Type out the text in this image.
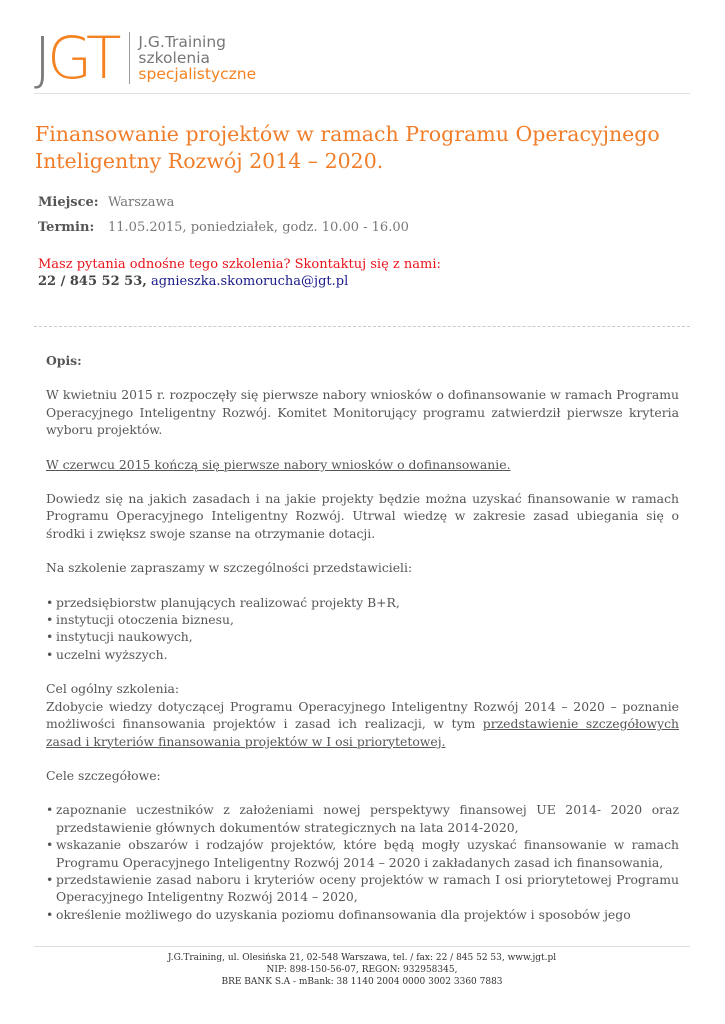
JGT J.G.Training
szkolenia
specjalistyczne
Finansowanie projektów w ramach Programu Operacyjnego Inteligentny Rozwój 2014 – 2020.
Miejsce: Warszawa
Termin: 11.05.2015, poniedziałek, godz. 10.00 - 16.00
Masz pytania odnośne tego szkolenia? Skontaktuj się z nami:
22 / 845 52 53, agnieszka.skomorucha@jgt.pl

Opis:

W kwietniu 2015 r. rozpoczęły się pierwsze nabory wniosków o dofinansowanie w ramach Programu Operacyjnego Inteligentny Rozwój. Komitet Monitorujący programu zatwierdził pierwsze kryteria wyboru projektów.

W czerwcu 2015 kończą się pierwsze nabory wniosków o dofinansowanie.

Dowiedz się na jakich zasadach i na jakie projekty będzie można uzyskać finansowanie w ramach Programu Operacyjnego Inteligentny Rozwój. Utrwal wiedzę w zakresie zasad ubiegania się o środki i zwiększ swoje szanse na otrzymanie dotacji.

Na szkolenie zapraszamy w szczególności przedstawicieli:

• przedsiębiorstw planujących realizować projekty B+R,
• instytucji otoczenia biznesu,
• instytucji naukowych,
• uczelni wyższych.

Cel ogólny szkolenia:

Zdobycie wiedzy dotyczącej Programu Operacyjnego Inteligentny Rozwój 2014 – 2020 – poznanie możliwości finansowania projektów i zasad ich realizacji, w tym przedstawienie szczegółowych zasad i kryteriów finansowania projektów w I osi priorytetowej.

Cele szczegółowe:

• zapoznanie uczestników z założeniami nowej perspektywy finansowej UE 2014- 2020 oraz przedstawienie głównych dokumentów strategicznych na lata 2014-2020,
• wskazanie obszarów i rodzajów projektów, które będą mogły uzyskać finansowanie w ramach Programu Operacyjnego Inteligentny Rozwój 2014 – 2020 i zakładanych zasad ich finansowania,
• przedstawienie zasad naboru i kryteriów oceny projektów w ramach I osi priorytetowej Programu Operacyjnego Inteligentny Rozwój 2014 – 2020,
• określenie możliwego do uzyskania poziomu dofinansowania dla projektów i sposobów jego
J.G.Training, ul. Olesińska 21, 02-548 Warszawa, tel. / fax: 22 / 845 52 53, www.jgt.pl
NIP: 898-150-56-07, REGON: 932958345,
BRE BANK S.A - mBank: 38 1140 2004 0000 3002 3360 7883
